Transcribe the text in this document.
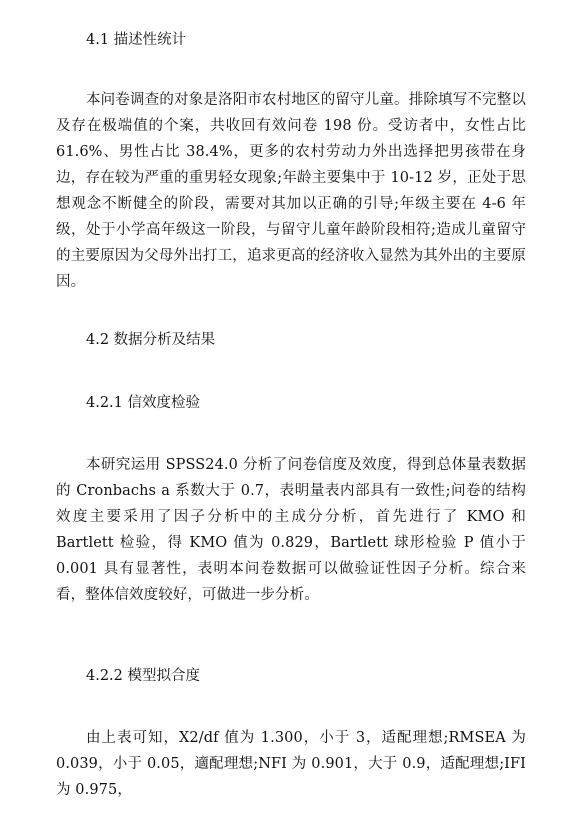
4.1 描述性统计
本问卷调查的对象是洛阳市农村地区的留守儿童。排除填写不完整以及存在极端值的个案，共收回有效问卷 198 份。受访者中，女性占比 61.6%、男性占比 38.4%，更多的农村劳动力外出选择把男孩带在身边，存在较为严重的重男轻女现象;年龄主要集中于 10-12 岁，正处于思想观念不断健全的阶段，需要对其加以正确的引导;年级主要在 4-6 年级，处于小学高年级这一阶段，与留守儿童年龄阶段相符;造成儿童留守的主要原因为父母外出打工，追求更高的经济收入显然为其外出的主要原因。
4.2 数据分析及结果
4.2.1 信效度检验
本研究运用 SPSS24.0 分析了问卷信度及效度，得到总体量表数据的 Cronbachs a 系数大于 0.7，表明量表内部具有一致性;问卷的结构效度主要采用了因子分析中的主成分分析，首先进行了 KMO 和 Bartlett 检验，得 KMO 值为 0.829，Bartlett 球形检验 P 值小于 0.001 具有显著性，表明本问卷数据可以做验证性因子分析。综合来看，整体信效度较好，可做进一步分析。
4.2.2 模型拟合度
由上表可知，X2/df 值为 1.300，小于 3，适配理想;RMSEA 为 0.039，小于 0.05，適配理想;NFI 为 0.901，大于 0.9，适配理想;IFI 为 0.975，
